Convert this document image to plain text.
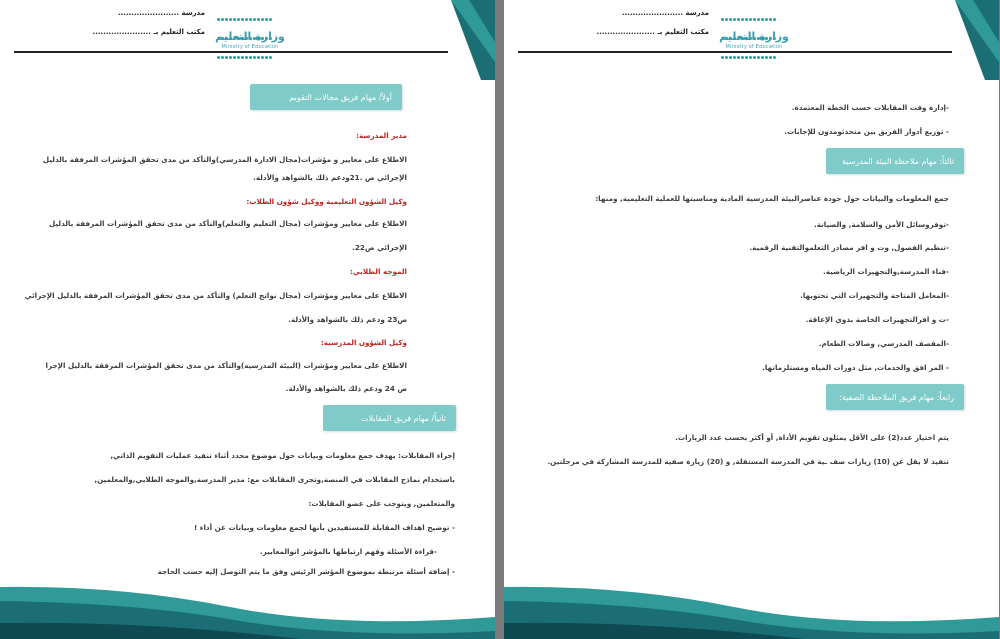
وزارة التعليم
Ministry of Education
مدرسة .......................
مكتب التعليم بـ ......................
أولاً/ مهام فريق مجالات التقويم
مدير المدرسة:
الاطلاع على معايير و مؤشرات(مجال الادارة المدرسي)والتأكد من مدى تحقق المؤشرات المرفقة بالدليل
الإجرائي ص .21ودعم ذلك بالشواهد والأدلة.
وكيل الشؤون التعليمية ووكيل شؤون الطلاب:
الاطلاع على معايير ومؤشرات (مجال التعليم والتعلم)والتأكد من مدى تحقق المؤشرات المرفقة بالدليل
الإجرائي ص22.
الموجه الطلابي:
الاطلاع على معايير ومؤشرات (مجال نواتج التعلم) والتأكد من مدى تحقق المؤشرات المرفقة بالدليل الإجرائي
ص23 ودعم ذلك بالشواهد والأدلة.
وكيل الشؤون المدرسية:
الاطلاع على معايير ومؤشرات (البيئة المدرسية)والتأكد من مدى تحقق المؤشرات المرفقة بالدليل الإجرا
ص 24 ودعم ذلك بالشواهد والأدلة.
ثانياً/ مهام فريق المقابلات
إجراء المقابلات: يهدف جمع معلومات وبيانات حول موضوع محدد أثناء تنفيذ عمليات التقويم الذاتي,
باستخدام نماذج المقابلات في المنصة,وتجرى المقابلات مع: مدير المدرسة,والموجه الطلابي,والمعلمين,
والمتعلمين, ويتوجب على عضو المقابلات:
- توضيح اهداف المقابلة للمستفيدين بأنها لجمع معلومات وبيانات عن أداء !
-قراءة الأسئلة وفهم ارتباطها بالمؤشر اتوالمعايير.
- إضافة أسئلة مرتبطة بموضوع المؤشر الرئيس وفق ما يتم التوصل إليه حسب الحاجة

وزارة التعليم
Ministry of Education
مدرسة .......................
مكتب التعليم بـ ......................
-إدارة وقت المقابلات حسب الخطة المعتمدة.
- توزيع أدوار الفريق بين متحدثومدون للإجابات.
ثالثاً: مهام ملاحظة البيئة المدرسية
جمع المعلومات والبيانات حول جودة عناصرالبيئة المدرسية المادية ومناسبتها للعملية التعليمية, ومنها:
-توفروسائل الأمن والسلامة, والصيانة.
-تنظيم الفصول, وت و افر مصادر التعلموالتقنية الرقمية.
-فناء المدرسة,والتجهيزات الرياضية.
-المعامل المتاحة والتجهيزات التي تحتويها.
-ت و افرالتجهيزات الخاصة بذوي الإعاقة.
-المقصف المدرسي, وصالات الطعام.
- المر افق والخدمات, مثل دورات المياه ومستلزماتها.
رابعاً: مهام فريق الملاحظة الصفية:
يتم اختيار عدد(2) على الأقل يمثلون تقويم الأداة, أو أكثر بحسب عدد الزيارات.
تنفيذ لا يقل عن (10) زيارات صف ـية في المدرسة المستقلة, و (20) زيارة صفية للمدرسة المشاركة في مرحلتين.
